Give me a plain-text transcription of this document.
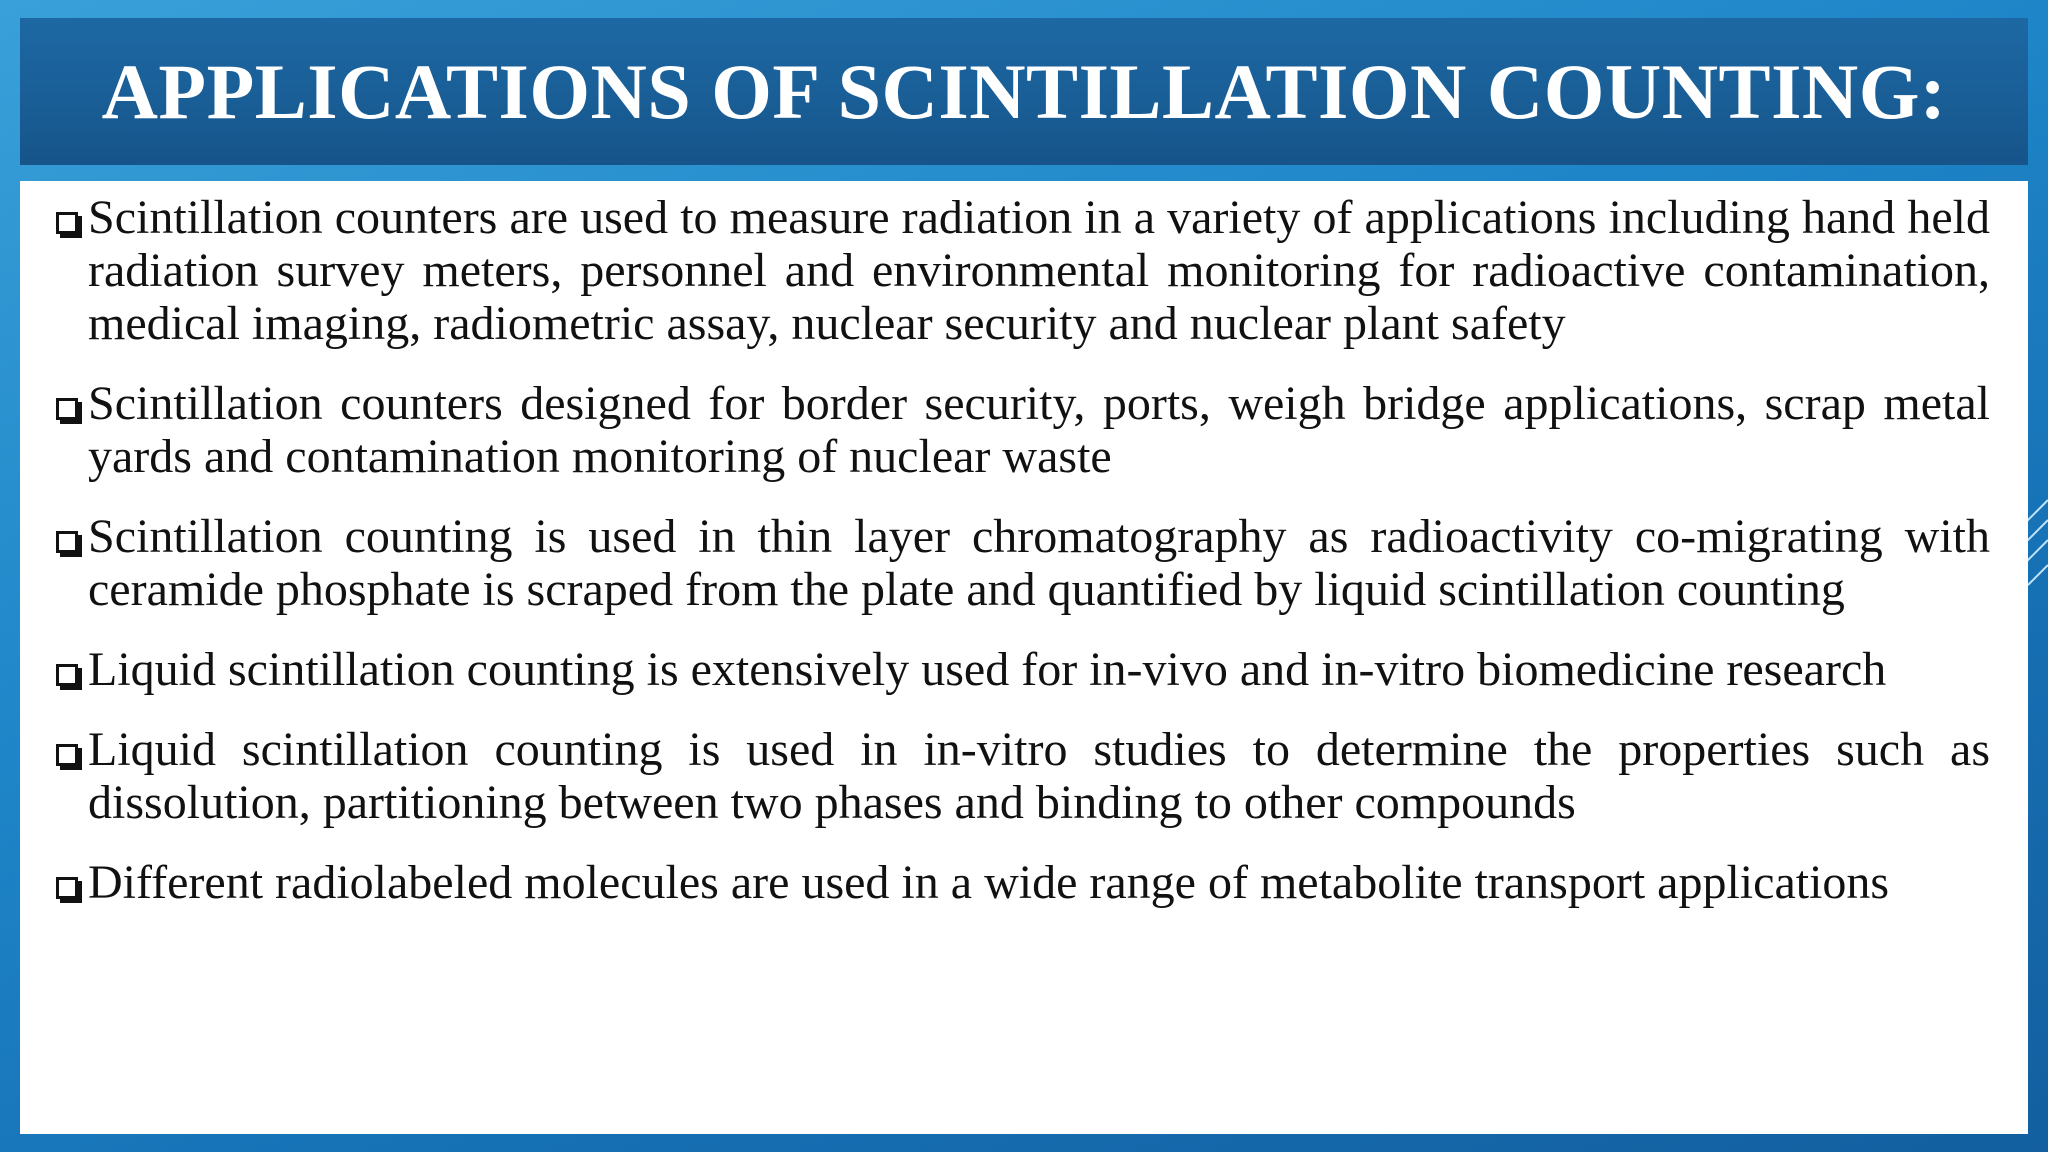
APPLICATIONS OF SCINTILLATION COUNTING:
Scintillation counters are used to measure radiation in a variety of applications including hand held radiation survey meters, personnel and environmental monitoring for radioactive contamination, medical imaging, radiometric assay, nuclear security and nuclear plant safety
Scintillation counters designed for border security, ports, weigh bridge applications, scrap metal yards and contamination monitoring of nuclear waste
Scintillation counting is used in thin layer chromatography as radioactivity co-migrating with ceramide phosphate is scraped from the plate and quantified by liquid scintillation counting
Liquid scintillation counting is extensively used for in-vivo and in-vitro biomedicine research
Liquid scintillation counting is used in in-vitro studies to determine the properties such as dissolution, partitioning between two phases and binding to other compounds
Different radiolabeled molecules are used in a wide range of metabolite transport applications
